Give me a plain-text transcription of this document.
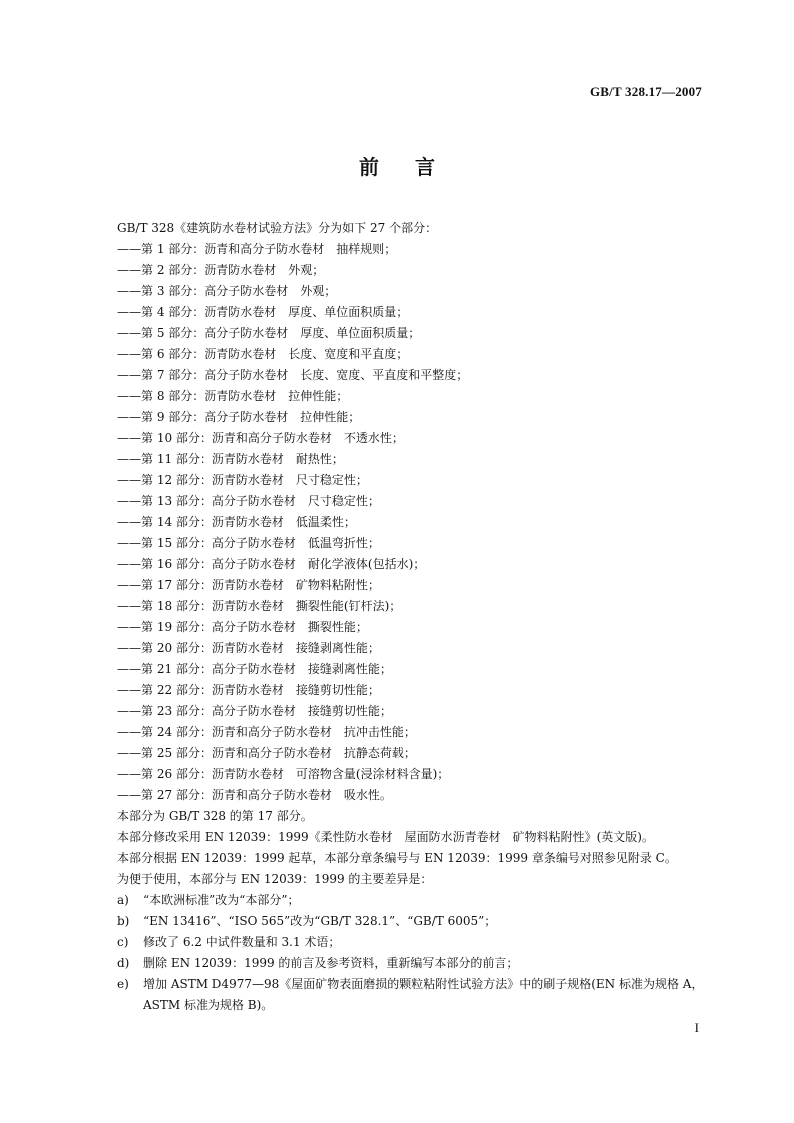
GB/T 328.17—2007
前言
GB/T 328《建筑防水卷材试验方法》分为如下 27 个部分：
——第 1 部分：沥青和高分子防水卷材　抽样规则；
——第 2 部分：沥青防水卷材　外观；
——第 3 部分：高分子防水卷材　外观；
——第 4 部分：沥青防水卷材　厚度、单位面积质量；
——第 5 部分：高分子防水卷材　厚度、单位面积质量；
——第 6 部分：沥青防水卷材　长度、宽度和平直度；
——第 7 部分：高分子防水卷材　长度、宽度、平直度和平整度；
——第 8 部分：沥青防水卷材　拉伸性能；
——第 9 部分：高分子防水卷材　拉伸性能；
——第 10 部分：沥青和高分子防水卷材　不透水性；
——第 11 部分：沥青防水卷材　耐热性；
——第 12 部分：沥青防水卷材　尺寸稳定性；
——第 13 部分：高分子防水卷材　尺寸稳定性；
——第 14 部分：沥青防水卷材　低温柔性；
——第 15 部分：高分子防水卷材　低温弯折性；
——第 16 部分：高分子防水卷材　耐化学液体(包括水)；
——第 17 部分：沥青防水卷材　矿物料粘附性；
——第 18 部分：沥青防水卷材　撕裂性能(钉杆法)；
——第 19 部分：高分子防水卷材　撕裂性能；
——第 20 部分：沥青防水卷材　接缝剥离性能；
——第 21 部分：高分子防水卷材　接缝剥离性能；
——第 22 部分：沥青防水卷材　接缝剪切性能；
——第 23 部分：高分子防水卷材　接缝剪切性能；
——第 24 部分：沥青和高分子防水卷材　抗冲击性能；
——第 25 部分：沥青和高分子防水卷材　抗静态荷载；
——第 26 部分：沥青防水卷材　可溶物含量(浸涂材料含量)；
——第 27 部分：沥青和高分子防水卷材　吸水性。
本部分为 GB/T 328 的第 17 部分。
本部分修改采用 EN 12039：1999《柔性防水卷材　屋面防水沥青卷材　矿物料粘附性》(英文版)。
本部分根据 EN 12039：1999 起草，本部分章条编号与 EN 12039：1999 章条编号对照参见附录 C。
为便于使用，本部分与 EN 12039：1999 的主要差异是：
a)	“本欧洲标准”改为“本部分”；
b)	“EN 13416”、“ISO 565”改为“GB/T 328.1”、“GB/T 6005”；
c)	修改了 6.2 中试件数量和 3.1 术语；
d)	删除 EN 12039：1999 的前言及参考资料，重新编写本部分的前言；
e)	增加 ASTM D4977—98《屋面矿物表面磨损的颗粒粘附性试验方法》中的刷子规格(EN 标准为规格 A，ASTM 标准为规格 B)。
I
